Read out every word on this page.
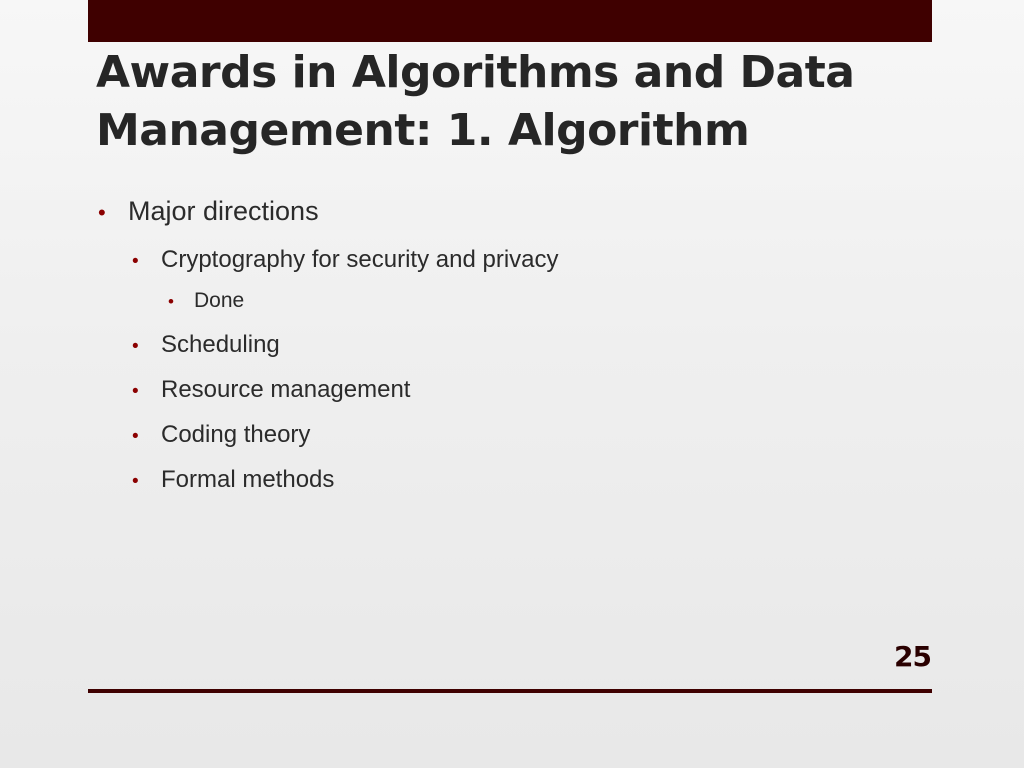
Awards in Algorithms and Data Management: 1. Algorithm
• Major directions
• Cryptography for security and privacy
• Done
• Scheduling
• Resource management
• Coding theory
• Formal methods
25
